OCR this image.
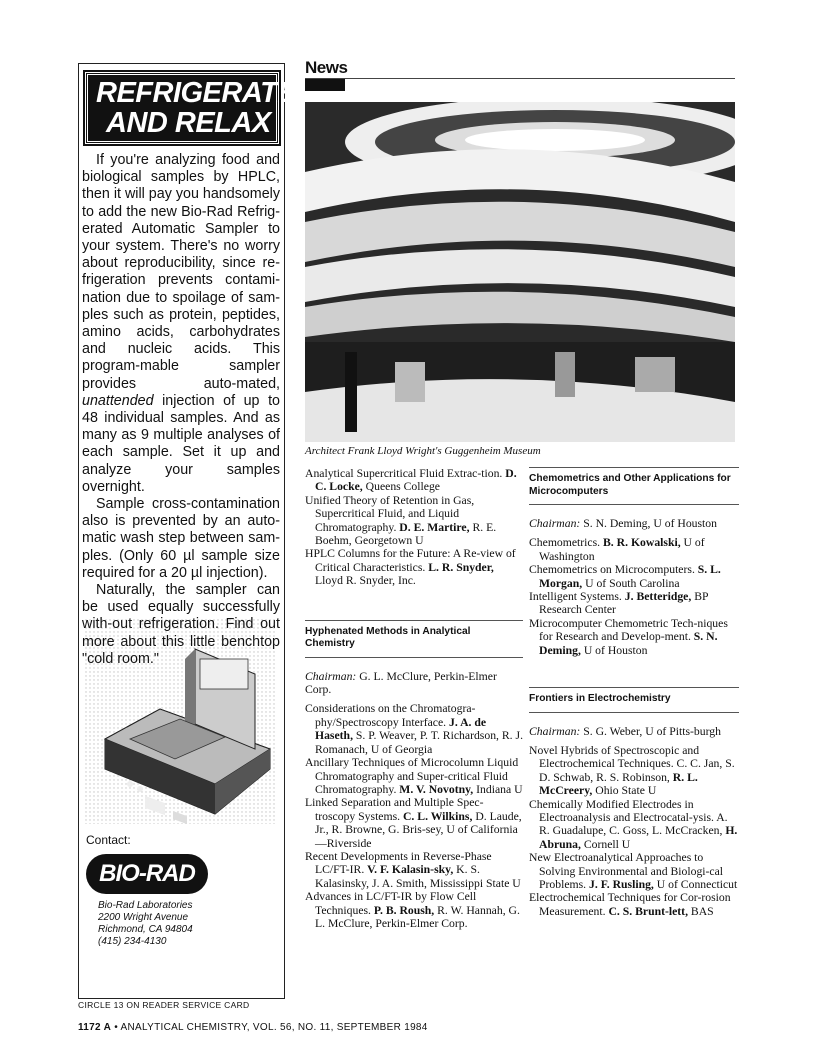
REFRIGERATE
AND RELAX

If you're analyzing food and biological samples by HPLC, then it will pay you handsomely to add the new Bio-Rad Refrig-erated Automatic Sampler to your system. There's no worry about reproducibility, since re-frigeration prevents contami-nation due to spoilage of sam-ples such as protein, peptides, amino acids, carbohydrates and nucleic acids. This program-mable sampler provides auto-mated, unattended injection of up to 48 individual samples. And as many as 9 multiple analyses of each sample. Set it up and analyze your samples overnight.

Sample cross-contamination also is prevented by an auto-matic wash step between sam-ples. (Only 60 µl sample size required for a 20 µl injection).

Naturally, the sampler can be used equally successfully with-out refrigeration. Find out more about this little benchtop "cold room."

Contact:
BIO-RAD
Bio-Rad Laboratories
2200 Wright Avenue
Richmond, CA 94804
(415) 234-4130
CIRCLE 13 ON READER SERVICE CARD
News
Architect Frank Lloyd Wright's Guggenheim Museum
Analytical Supercritical Fluid Extrac-tion. D. C. Locke, Queens College
Unified Theory of Retention in Gas, Supercritical Fluid, and Liquid Chromatography. D. E. Martire, R. E. Boehm, Georgetown U
HPLC Columns for the Future: A Re-view of Critical Characteristics. L. R. Snyder, Lloyd R. Snyder, Inc.
Hyphenated Methods in Analytical Chemistry
Chairman: G. L. McClure, Perkin-Elmer Corp.
Considerations on the Chromatogra-phy/Spectroscopy Interface. J. A. de Haseth, S. P. Weaver, P. T. Richardson, R. J. Romanach, U of Georgia
Ancillary Techniques of Microcolumn Liquid Chromatography and Super-critical Fluid Chromatography. M. V. Novotny, Indiana U
Linked Separation and Multiple Spec-troscopy Systems. C. L. Wilkins, D. Laude, Jr., R. Browne, G. Bris-sey, U of California—Riverside
Recent Developments in Reverse-Phase LC/FT-IR. V. F. Kalasin-sky, K. S. Kalasinsky, J. A. Smith, Mississippi State U
Advances in LC/FT-IR by Flow Cell Techniques. P. B. Roush, R. W. Hannah, G. L. McClure, Perkin-Elmer Corp.
Chemometrics and Other Applications for Microcomputers
Chairman: S. N. Deming, U of Houston
Chemometrics. B. R. Kowalski, U of Washington
Chemometrics on Microcomputers. S. L. Morgan, U of South Carolina
Intelligent Systems. J. Betteridge, BP Research Center
Microcomputer Chemometric Tech-niques for Research and Develop-ment. S. N. Deming, U of Houston
Frontiers in Electrochemistry
Chairman: S. G. Weber, U of Pitts-burgh
Novel Hybrids of Spectroscopic and Electrochemical Techniques. C. C. Jan, S. D. Schwab, R. S. Robinson, R. L. McCreery, Ohio State U
Chemically Modified Electrodes in Electroanalysis and Electrocatal-ysis. A. R. Guadalupe, C. Goss, L. McCracken, H. Abruna, Cornell U
New Electroanalytical Approaches to Solving Environmental and Biologi-cal Problems. J. F. Rusling, U of Connecticut
Electrochemical Techniques for Cor-rosion Measurement. C. S. Brunt-lett, BAS
1172 A • ANALYTICAL CHEMISTRY, VOL. 56, NO. 11, SEPTEMBER 1984
